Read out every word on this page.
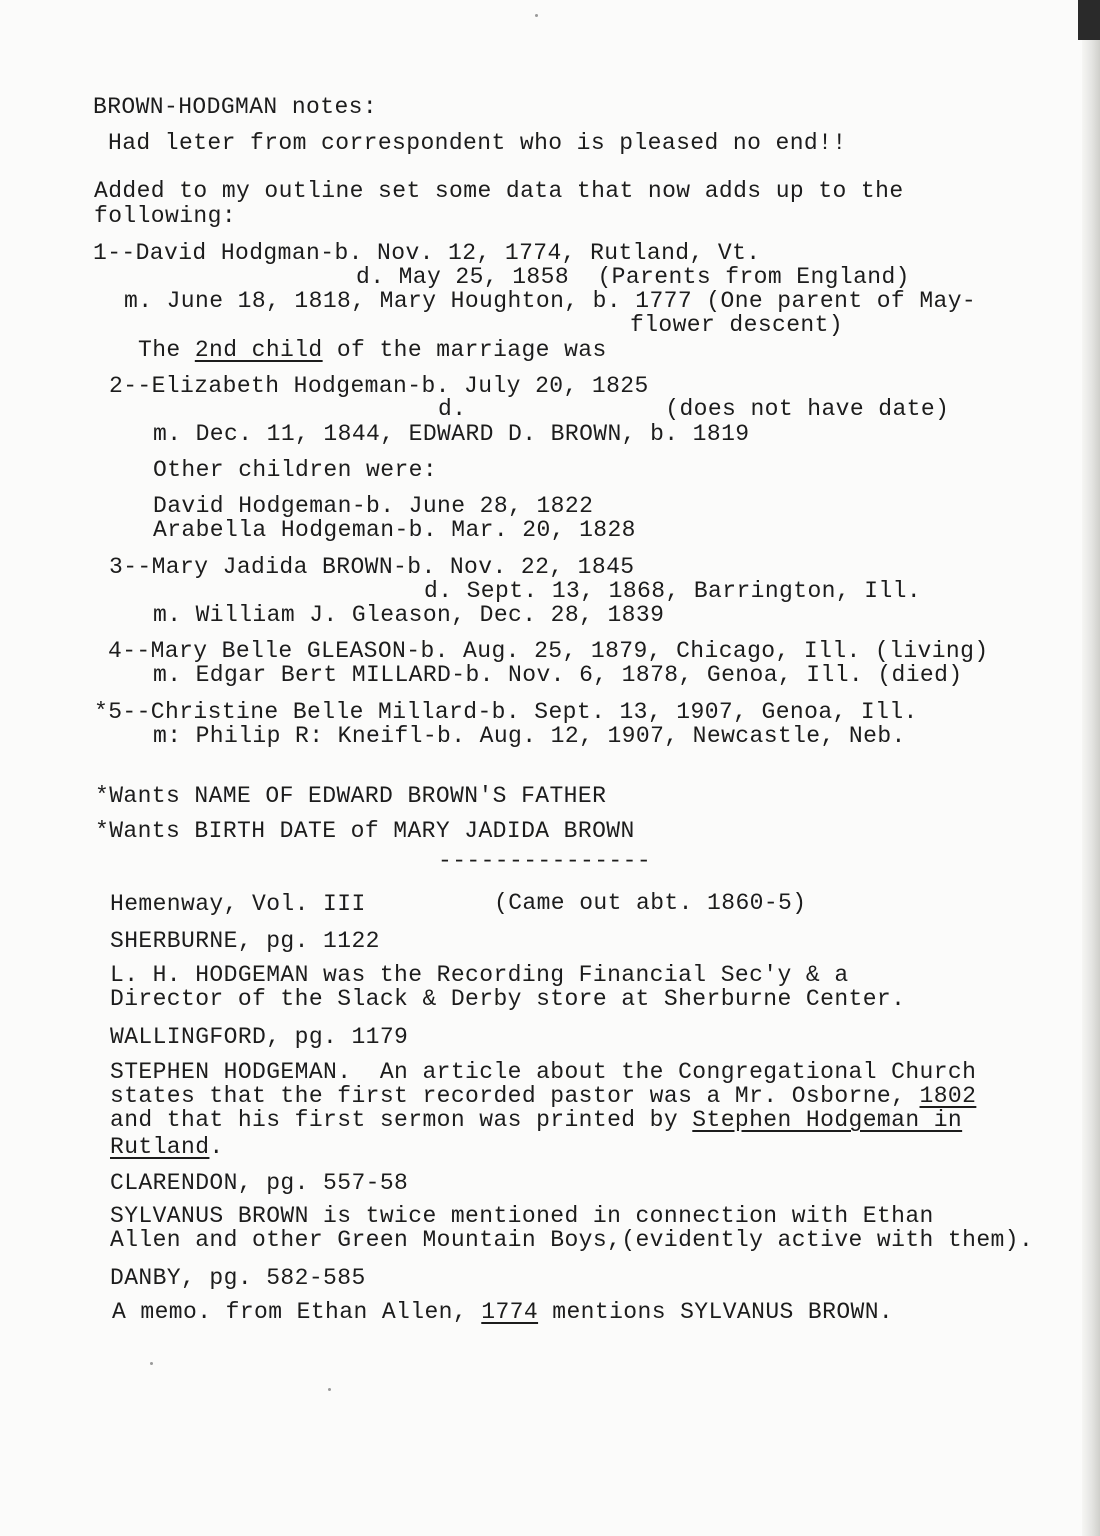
BROWN-HODGMAN notes:
Had leter from correspondent who is pleased no end!!
Added to my outline set some data that now adds up to the
following:
1--David Hodgman-b. Nov. 12, 1774, Rutland, Vt.
d. May 25, 1858  (Parents from England)
m. June 18, 1818, Mary Houghton, b. 1777 (One parent of May-
flower descent)
The 2nd child of the marriage was
2--Elizabeth Hodgeman-b. July 20, 1825
d.              (does not have date)
m. Dec. 11, 1844, EDWARD D. BROWN, b. 1819
Other children were:
David Hodgeman-b. June 28, 1822
Arabella Hodgeman-b. Mar. 20, 1828
3--Mary Jadida BROWN-b. Nov. 22, 1845
d. Sept. 13, 1868, Barrington, Ill.
m. William J. Gleason, Dec. 28, 1839
4--Mary Belle GLEASON-b. Aug. 25, 1879, Chicago, Ill. (living)
m. Edgar Bert MILLARD-b. Nov. 6, 1878, Genoa, Ill. (died)
*5--Christine Belle Millard-b. Sept. 13, 1907, Genoa, Ill.
m: Philip R: Kneifl-b. Aug. 12, 1907, Newcastle, Neb.
*Wants NAME OF EDWARD BROWN'S FATHER
*Wants BIRTH DATE of MARY JADIDA BROWN
---------------
Hemenway, Vol. III	(Came out abt. 1860-5)
SHERBURNE, pg. 1122
L. H. HODGEMAN was the Recording Financial Sec'y & a
Director of the Slack & Derby store at Sherburne Center.
WALLINGFORD, pg. 1179
STEPHEN HODGEMAN.  An article about the Congregational Church
states that the first recorded pastor was a Mr. Osborne, 1802
and that his first sermon was printed by Stephen Hodgeman in
Rutland.
CLARENDON, pg. 557-58
SYLVANUS BROWN is twice mentioned in connection with Ethan
Allen and other Green Mountain Boys,(evidently active with them).
DANBY, pg. 582-585
A memo. from Ethan Allen, 1774 mentions SYLVANUS BROWN.
